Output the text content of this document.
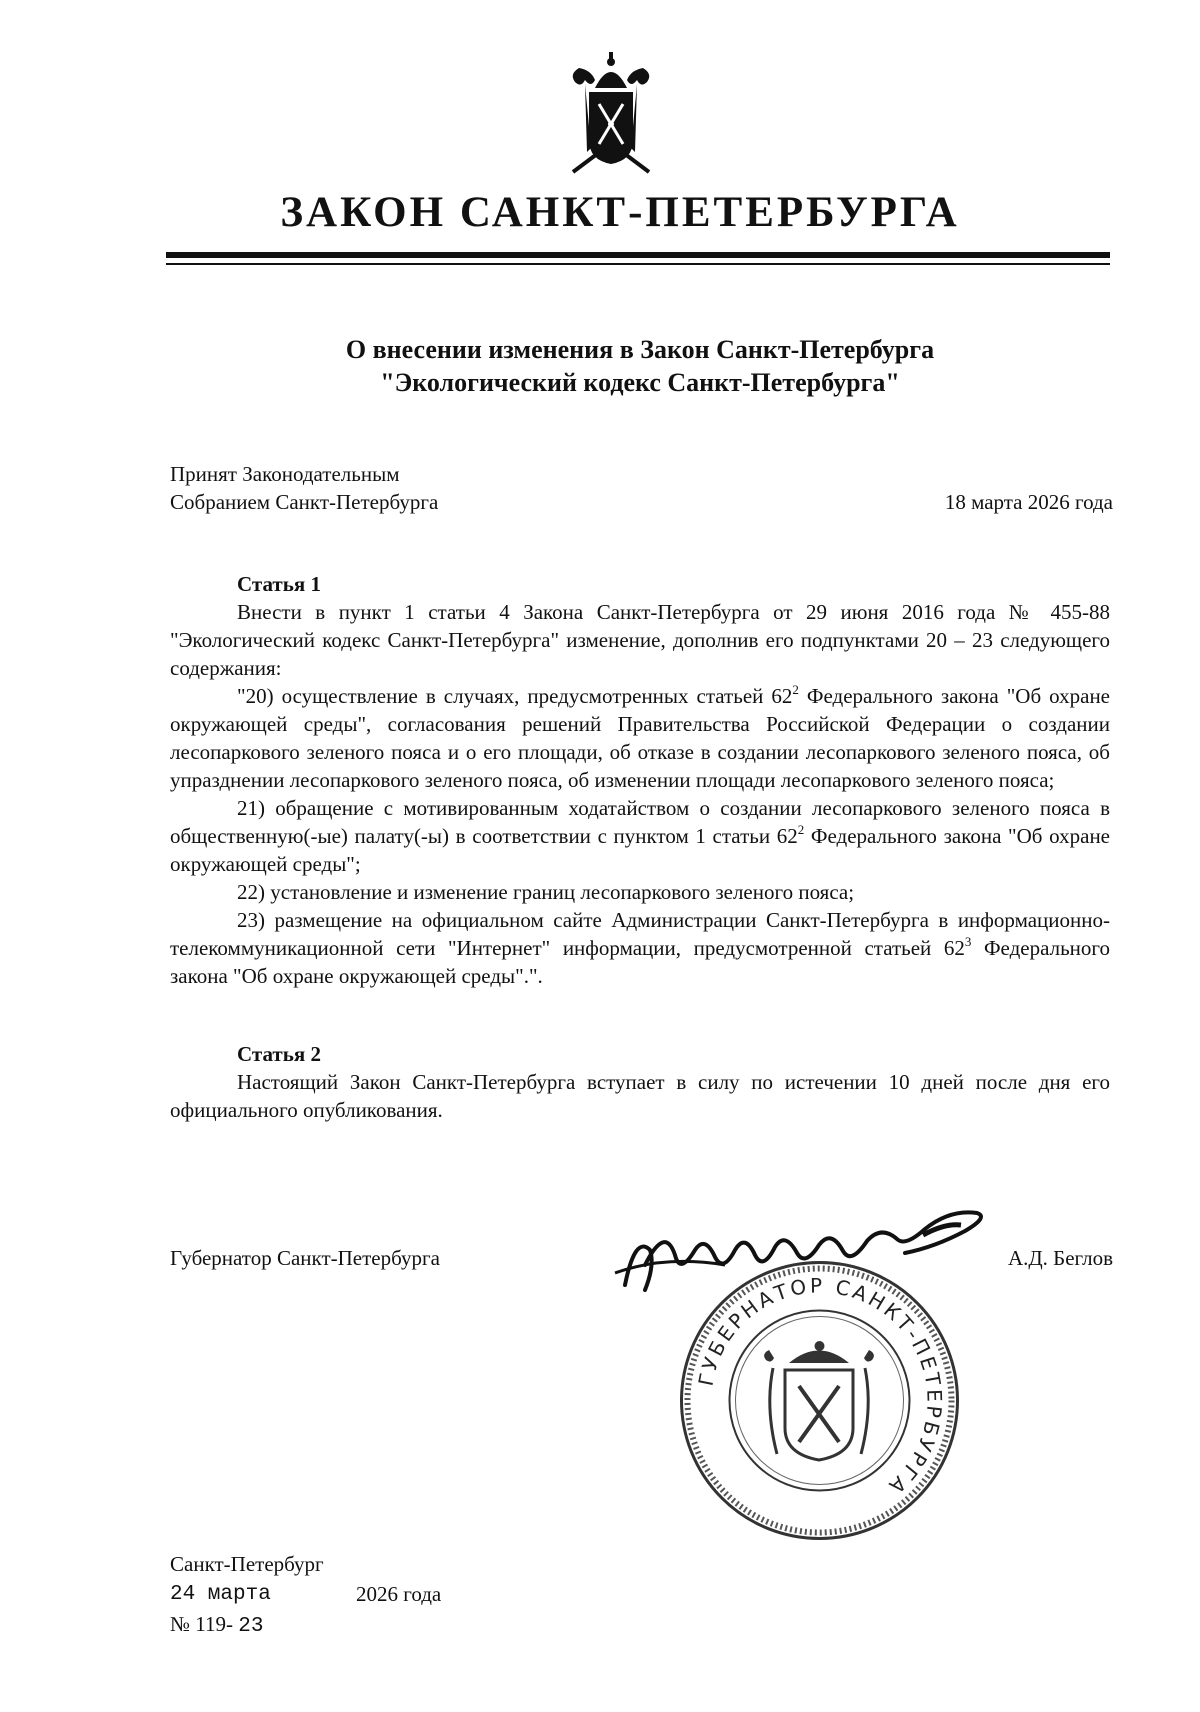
ЗАКОН САНКТ-ПЕТЕРБУРГА
О внесении изменения в Закон Санкт-Петербурга
"Экологический кодекс Санкт-Петербурга"
Принят Законодательным
Собранием Санкт-Петербурга	18 марта 2026 года
Статья 1

Внести в пункт 1 статьи 4 Закона Санкт-Петербурга от 29 июня 2016 года № 455-88 "Экологический кодекс Санкт-Петербурга" изменение, дополнив его подпунктами 20 – 23 следующего содержания:

"20) осуществление в случаях, предусмотренных статьей $62^2$ Федерального закона "Об охране окружающей среды", согласования решений Правительства Российской Федерации о создании лесопаркового зеленого пояса и о его площади, об отказе в создании лесопаркового зеленого пояса, об упразднении лесопаркового зеленого пояса, об изменении площади лесопаркового зеленого пояса;

21) обращение с мотивированным ходатайством о создании лесопаркового зеленого пояса в общественную(-ые) палату(-ы) в соответствии с пунктом 1 статьи $62^2$ Федерального закона "Об охране окружающей среды";

22) установление и изменение границ лесопаркового зеленого пояса;

23) размещение на официальном сайте Администрации Санкт-Петербурга в информационно-телекоммуникационной сети "Интернет" информации, предусмотренной статьей $62^3$ Федерального закона "Об охране окружающей среды".".

Статья 2

Настоящий Закон Санкт-Петербурга вступает в силу по истечении 10 дней после дня его официального опубликования.

Губернатор Санкт-Петербурга	А.Д. Беглов
ГУБЕРНАТОР САНКТ-ПЕТЕРБУРГА
Санкт-Петербург
24 марта	2026 года
№ 119- 23
